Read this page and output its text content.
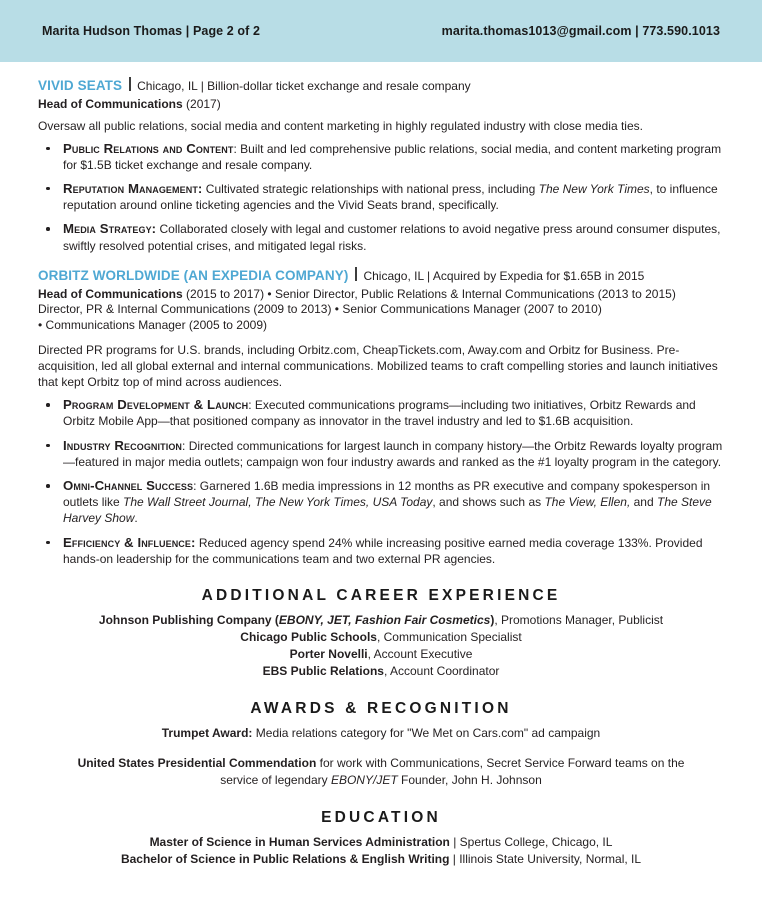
Marita Hudson Thomas | Page 2 of 2	marita.thomas1013@gmail.com | 773.590.1013
VIVID SEATS Chicago, IL | Billion-dollar ticket exchange and resale company
Head of Communications (2017)
Oversaw all public relations, social media and content marketing in highly regulated industry with close media ties.
Public Relations and Content: Built and led comprehensive public relations, social media, and content marketing program for $1.5B ticket exchange and resale company.
Reputation Management: Cultivated strategic relationships with national press, including The New York Times, to influence reputation around online ticketing agencies and the Vivid Seats brand, specifically.
Media Strategy: Collaborated closely with legal and customer relations to avoid negative press around consumer disputes, swiftly resolved potential crises, and mitigated legal risks.
ORBITZ WORLDWIDE (AN EXPEDIA COMPANY) Chicago, IL | Acquired by Expedia for $1.65B in 2015
Head of Communications (2015 to 2017) • Senior Director, Public Relations & Internal Communications (2013 to 2015)
Director, PR & Internal Communications (2009 to 2013) • Senior Communications Manager (2007 to 2010)
• Communications Manager (2005 to 2009)
Directed PR programs for U.S. brands, including Orbitz.com, CheapTickets.com, Away.com and Orbitz for Business. Pre-acquisition, led all global external and internal communications. Mobilized teams to craft compelling stories and launch initiatives that kept Orbitz top of mind across audiences.
Program Development & Launch: Executed communications programs—including two initiatives, Orbitz Rewards and Orbitz Mobile App—that positioned company as innovator in the travel industry and led to $1.6B acquisition.
Industry Recognition: Directed communications for largest launch in company history—the Orbitz Rewards loyalty program—featured in major media outlets; campaign won four industry awards and ranked as the #1 loyalty program in the category.
Omni-Channel Success: Garnered 1.6B media impressions in 12 months as PR executive and company spokesperson in outlets like The Wall Street Journal, The New York Times, USA Today, and shows such as The View, Ellen, and The Steve Harvey Show.
Efficiency & Influence: Reduced agency spend 24% while increasing positive earned media coverage 133%. Provided hands-on leadership for the communications team and two external PR agencies.
ADDITIONAL CAREER EXPERIENCE
Johnson Publishing Company (EBONY, JET, Fashion Fair Cosmetics), Promotions Manager, Publicist
Chicago Public Schools, Communication Specialist
Porter Novelli, Account Executive
EBS Public Relations, Account Coordinator
AWARDS & RECOGNITION
Trumpet Award: Media relations category for "We Met on Cars.com" ad campaign
United States Presidential Commendation for work with Communications, Secret Service Forward teams on the service of legendary EBONY/JET Founder, John H. Johnson
EDUCATION
Master of Science in Human Services Administration | Spertus College, Chicago, IL
Bachelor of Science in Public Relations & English Writing | Illinois State University, Normal, IL
